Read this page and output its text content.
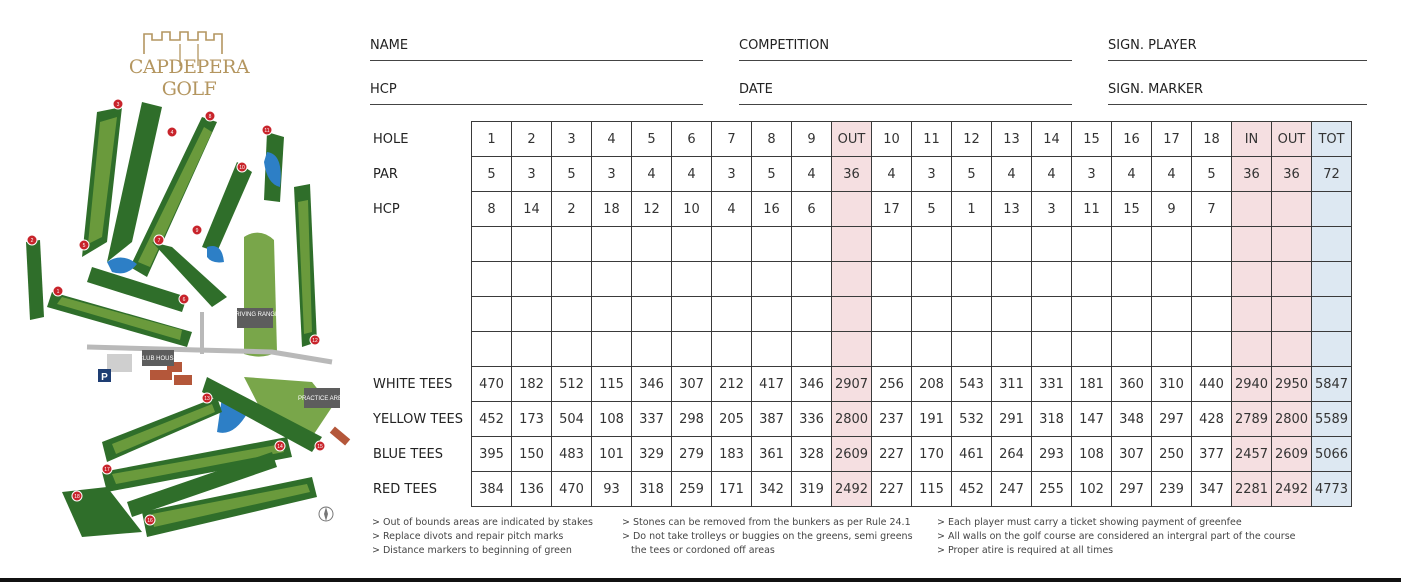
CAPDEPERA GOLF
P
DRIVING RANGE
CLUB HOUSE
PRACTICE AREA
1
2
3
4
5
6
7
8
9
10
11
12
13
14	15
16
17
18
NAME	COMPETITION	SIGN. PLAYER
HCP	DATE	SIGN. MARKER
HOLE	1	2	3	4	5	6	7	8	9	OUT	10	11	12	13	14	15	16	17	18	IN	OUT	TOT
PAR	5	3	5	3	4	4	3	5	4	36	4	3	5	4	4	3	4	4	5	36	36	72
HCP	8	14	2	18	12	10	4	16	6		17	5	1	13	3	11	15	9	7			

WHITE TEES	470	182	512	115	346	307	212	417	346	2907	256	208	543	311	331	181	360	310	440	2940	2950	5847
YELLOW TEES	452	173	504	108	337	298	205	387	336	2800	237	191	532	291	318	147	348	297	428	2789	2800	5589
BLUE TEES	395	150	483	101	329	279	183	361	328	2609	227	170	461	264	293	108	307	250	377	2457	2609	5066
RED TEES	384	136	470	93	318	259	171	342	319	2492	227	115	452	247	255	102	297	239	347	2281	2492	4773
> Out of bounds areas are indicated by stakes
> Replace divots and repair pitch marks
> Distance markers to beginning of green
> Stones can be removed from the bunkers as per Rule 24.1
> Do not take trolleys or buggies on the greens, semi greens
the tees or cordoned off areas
> Each player must carry a ticket showing payment of greenfee
> All walls on the golf course are considered an intergral part of the course
> Proper atire is required at all times
